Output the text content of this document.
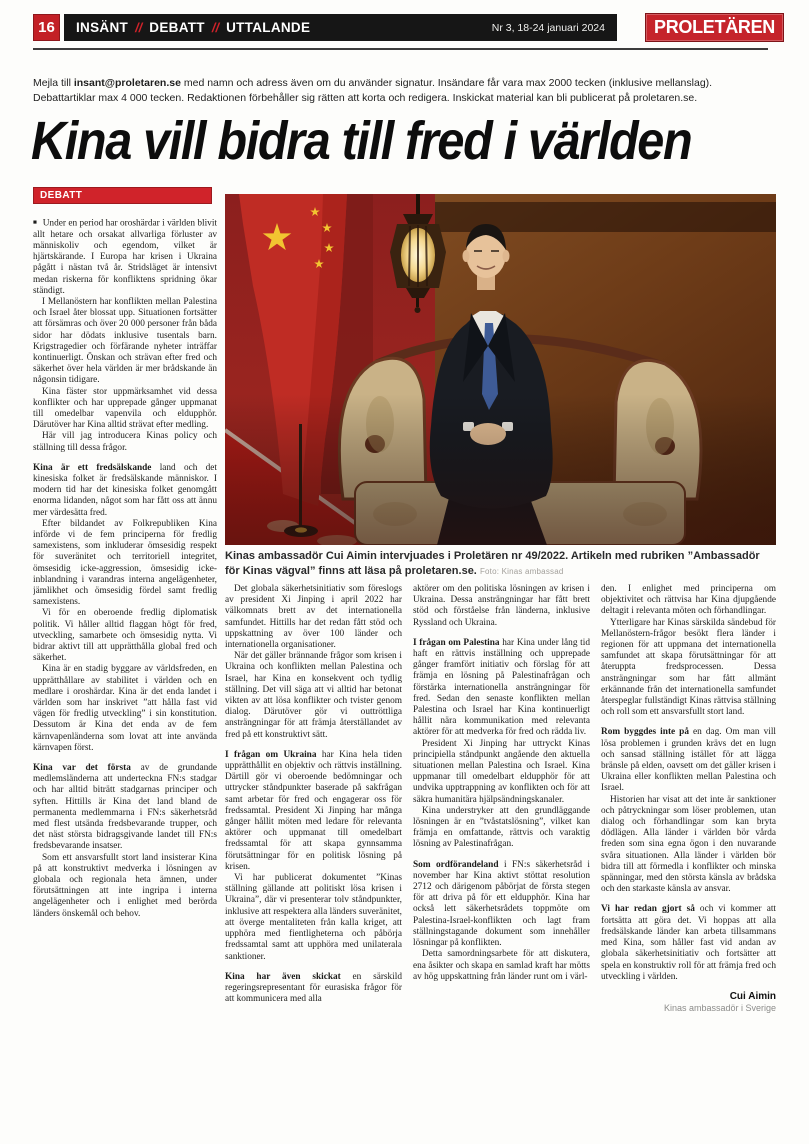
16	INSÄNT // DEBATT // UTTALANDE	Nr 3, 18-24 januari 2024	PROLETÄREN
Mejla till insant@proletaren.se med namn och adress även om du använder signatur. Insändare får vara max 2000 tecken (inklusive mellanslag).
Debattartiklar max 4 000 tecken. Redaktionen förbehåller sig rätten att korta och redigera. Inskickat material kan bli publicerat på proletaren.se.
Kina vill bidra till fred i världen
DEBATT
Kinas ambassadör Cui Aimin intervjuades i Proletären nr 49/2022. Artikeln med rubriken ”Ambassadör för Kinas vägval” finns att läsa på proletaren.se. Foto: Kinas ambassad

■ Under en period har oroshärdar i världen blivit allt hetare och orsakat allvarliga förluster av människoliv och egendom, vilket är hjärtskärande. I Europa har krisen i Ukraina pågått i nästan två år. Stridsläget är intensivt medan riskerna för konfliktens spridning ökar ständigt.

I Mellanöstern har konflikten mellan Palestina och Israel åter blossat upp. Situationen fortsätter att försämras och över 20 000 personer från båda sidor har dödats inklusive tusentals barn. Krigstragedier och förfärande nyheter inträffar kontinuerligt. Önskan och strävan efter fred och säkerhet över hela världen är mer brådskande än någonsin tidigare.

Kina fäster stor uppmärksamhet vid dessa konflikter och har upprepade gånger uppmanat till omedelbar vapenvila och eldupphör. Därutöver har Kina alltid strävat efter medling.

Här vill jag introducera Kinas policy och ställning till dessa frågor.

Kina är ett fredsälskande land och det kinesiska folket är fredsälskande människor. I modern tid har det kinesiska folket genomgått enorma lidanden, något som har fått oss att ännu mer värdesätta fred.

Efter bildandet av Folkrepubliken Kina införde vi de fem principerna för fredlig samexistens, som inkluderar ömsesidig respekt för suveränitet och territoriell integritet, ömsesidig icke-aggression, ömsesidig icke-inblandning i varandras interna angelägenheter, jämlikhet och ömsesidig fördel samt fredlig samexistens.

Vi för en oberoende fredlig diplomatisk politik. Vi håller alltid flaggan högt för fred, utveckling, samarbete och ömsesidig nytta. Vi bidrar aktivt till att upprätthålla global fred och säkerhet.

Kina är en stadig byggare av världsfreden, en upprätthållare av stabilitet i världen och en medlare i oroshärdar. Kina är det enda landet i världen som har inskrivet ”att hålla fast vid vägen för fredlig utveckling” i sin konstitution. Dessutom är Kina det enda av de fem kärnvapenländerna som lovat att inte använda kärnvapen först.

Kina var det första av de grundande medlemsländerna att underteckna FN:s stadgar och har alltid biträtt stadgarnas principer och syften. Hittills är Kina det land bland de permanenta medlemmarna i FN:s säkerhetsråd med flest utsända fredsbevarande trupper, och det näst största bidragsgivande landet till FN:s fredsbevarande insatser.

Som ett ansvarsfullt stort land insisterar Kina på att konstruktivt medverka i lösningen av globala och regionala heta ämnen, under förutsättningen att inte ingripa i interna angelägenheter och i enlighet med berörda länders önskemål och behov.

Det globala säkerhetsinitiativ som föreslogs av president Xi Jinping i april 2022 har välkomnats brett av det internationella samfundet. Hittills har det redan fått stöd och uppskattning av över 100 länder och internationella organisationer.

När det gäller brännande frågor som krisen i Ukraina och konflikten mellan Palestina och Israel, har Kina en konsekvent och tydlig ställning. Det vill säga att vi alltid har betonat vikten av att lösa konflikter och tvister genom dialog. Därutöver gör vi outtröttliga ansträngningar för att främja återställandet av fred på ett konstruktivt sätt.

I frågan om Ukraina har Kina hela tiden upprätthållit en objektiv och rättvis inställning. Därtill gör vi oberoende bedömningar och uttrycker ståndpunkter baserade på sakfrågan samt arbetar för fred och engagerar oss för fredssamtal. President Xi Jinping har många gånger hållit möten med ledare för relevanta aktörer och uppmanat till omedelbart fredssamtal för att skapa gynnsamma förutsättningar för en politisk lösning på krisen.

Vi har publicerat dokumentet ”Kinas ställning gällande att politiskt lösa krisen i Ukraina”, där vi presenterar tolv ståndpunkter, inklusive att respektera alla länders suveränitet, att överge mentaliteten från kalla kriget, att upphöra med fientligheterna och påbörja fredssamtal samt att upphöra med unilaterala sanktioner.

Kina har även skickat en särskild regeringsrepresentant för eurasiska frågor för att kommunicera med alla

aktörer om den politiska lösningen av krisen i Ukraina. Dessa ansträngningar har fått brett stöd och förståelse från länderna, inklusive Ryssland och Ukraina.

I frågan om Palestina har Kina under lång tid haft en rättvis inställning och upprepade gånger framfört initiativ och förslag för att främja en lösning på Palestinafrågan och förstärka internationella ansträngningar för fred. Sedan den senaste konflikten mellan Palestina och Israel har Kina kontinuerligt hållit nära kommunikation med relevanta aktörer för att medverka för fred och rädda liv.

President Xi Jinping har uttryckt Kinas principiella ståndpunkt angående den aktuella situationen mellan Palestina och Israel. Kina uppmanar till omedelbart eldupphör för att undvika upptrappning av konflikten och för att säkra humanitära hjälpsändningskanaler.

Kina understryker att den grundläggande lösningen är en ”tvåstatslösning”, vilket kan främja en omfattande, rättvis och varaktig lösning av Palestinafrågan.

Som ordförandeland i FN:s säkerhetsråd i november har Kina aktivt stöttat resolution 2712 och därigenom påbörjat de första stegen för att driva på för ett eldupphör. Kina har också lett säkerhetsrådets toppmöte om Palestina-Israel-konflikten och lagt fram ställningstagande dokument som innehåller lösningar på konflikten.

Detta samordningsarbete för att diskutera, ena åsikter och skapa en samlad kraft har mötts av hög uppskattning från länder runt om i värl-

den. I enlighet med principerna om objektivitet och rättvisa har Kina djupgående deltagit i relevanta möten och förhandlingar.

Ytterligare har Kinas särskilda sändebud för Mellanöstern-frågor besökt flera länder i regionen för att uppmana det internationella samfundet att skapa förutsättningar för att återuppta fredsprocessen. Dessa ansträngningar som har fått allmänt erkännande från det internationella samfundet återspeglar fullständigt Kinas rättvisa ställning och roll som ett ansvarsfullt stort land.

Rom byggdes inte på en dag. Om man vill lösa problemen i grunden krävs det en lugn och sansad ställning istället för att lägga bränsle på elden, oavsett om det gäller krisen i Ukraina eller konflikten mellan Palestina och Israel.

Historien har visat att det inte är sanktioner och påtryckningar som löser problemen, utan dialog och förhandlingar som kan bryta dödlägen. Alla länder i världen bör vårda freden som sina egna ögon i den nuvarande svåra situationen. Alla länder i världen bör bidra till att förmedla i konflikter och minska spänningar, med den största känsla av brådska och den starkaste känsla av ansvar.

Vi har redan gjort så och vi kommer att fortsätta att göra det. Vi hoppas att alla fredsälskande länder kan arbeta tillsammans med Kina, som håller fast vid andan av globala säkerhetsinitiativ och fortsätter att spela en konstruktiv roll för att främja fred och utveckling i världen.

Cui Aimin
Kinas ambassadör i Sverige
